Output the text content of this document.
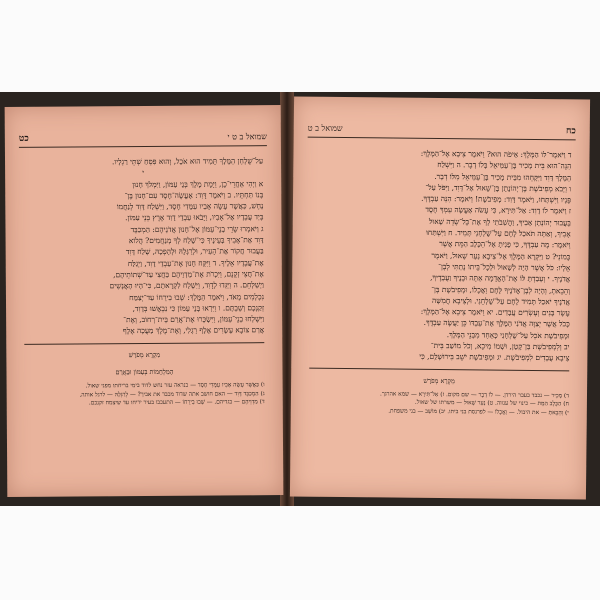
שמואל ב ט י
כט

עַל־שֻׁלְחַן הַמֶּלֶךְ תָּמִיד הוּא אֹכֵל, וְהוּא פִּסֵּחַ שְׁתֵּי רַגְלָיו.

י

א וַיְהִי אַחֲרֵי־כֵן, וַיָּמָת מֶלֶךְ בְּנֵי עַמּוֹן, וַיִּמְלֹךְ חָנוּן

בְּנוֹ תַּחְתָּיו. ב וַיֹּאמֶר דָּוִד: אֶעֱשֶׂה־חֶסֶד עִם־חָנוּן בֶּן־

נָחָשׁ, כַּאֲשֶׁר עָשָׂה אָבִיו עִמָּדִי חֶסֶד, וַיִּשְׁלַח דָּוִד לְנַחֲמוֹ

בְּיַד עֲבָדָיו אֶל־אָבִיו, וַיָּבֹאוּ עַבְדֵי דָוִד אֶרֶץ בְּנֵי עַמּוֹן.

ג וַיֹּאמְרוּ שָׂרֵי בְנֵי־עַמּוֹן אֶל־חָנוּן אֲדֹנֵיהֶם: הַמְכַבֵּד

דָּוִד אֶת־אָבִיךָ בְּעֵינֶיךָ כִּי־שָׁלַח לְךָ מְנַחֲמִים? הֲלוֹא

בַּעֲבוּר חֲקוֹר אֶת־הָעִיר, וּלְרַגְּלָהּ וּלְהָפְכָהּ, שָׁלַח דָּוִד

אֶת־עֲבָדָיו אֵלֶיךָ. ד וַיִּקַּח חָנוּן אֶת־עַבְדֵי דָוִד, וַיְגַלַּח

אֶת־חֲצִי זְקָנָם, וַיִּכְרֹת אֶת־מַדְוֵיהֶם בַּחֲצִי עַד־שְׁתוֹתֵיהֶם,

וַיְשַׁלְּחֵם. ה וַיַּגִּדוּ לְדָוִד, וַיִּשְׁלַח לִקְרָאתָם, כִּי־הָיוּ הָאֲנָשִׁים

נִכְלָמִים מְאֹד, וַיֹּאמֶר הַמֶּלֶךְ: שְׁבוּ בִירֵחוֹ עַד־יְצַמַּח

זְקַנְכֶם וְשַׁבְתֶּם. ו וַיִּרְאוּ בְּנֵי עַמּוֹן כִּי נִבְאֲשׁוּ בְּדָוִד,

וַיִּשְׁלְחוּ בְנֵי־עַמּוֹן, וַיִּשְׂכְּרוּ אֶת־אֲרַם בֵּית־רְחוֹב, וְאֶת־

אֲרַם צוֹבָא עֶשְׂרִים אֶלֶף רַגְלִי, וְאֶת־מֶלֶךְ מַעֲכָה אֶלֶף

מִקְרָא מְפֹרָשׁ

הַמִּלְחָמוֹת בְּעַמּוֹן וּבַאֲרָם

ו) כַּאֲשֶׁר עָשָׂה אָבִיו עִמָּדִי חֶסֶד — כנראה עזר נחש לדוד בימי בריחתו מפני שאול.

ג) הַמְכַבֵּד דָּוִד — האם חושב אתה שדוד מכבד את אביך? — לְרַגְּלָהּ — לרגל אותה.

ד) מַדְוֵיהֶם — בגדיהם. — שְׁבוּ בִירֵחוֹ — התעכבו בעיר יריחו עד שיצמח זקנכם.

כח
שמואל ב ט

ד וַיֹּאמֶר־לוֹ הַמֶּלֶךְ: אֵיפֹה הוּא? וַיֹּאמֶר צִיבָא אֶל־הַמֶּלֶךְ:

הִנֵּה־הוּא בֵּית מָכִיר בֶּן־עַמִּיאֵל בְּלוֹ דְבָר. ה וַיִּשְׁלַח

הַמֶּלֶךְ דָּוִד וַיִּקָּחֵהוּ מִבֵּית מָכִיר בֶּן־עַמִּיאֵל מִלּוֹ דְבָר.

ו וַיָּבֹא מְפִיבֹשֶׁת בֶּן־יְהוֹנָתָן בֶּן־שָׁאוּל אֶל־דָּוִד, וַיִּפֹּל עַל־

פָּנָיו וַיִּשְׁתָּחוּ, וַיֹּאמֶר דָּוִד: מְפִיבֹשֶׁת! וַיֹּאמֶר: הִנֵּה עַבְדֶּךָ.

ז וַיֹּאמֶר לוֹ דָוִד: אַל־תִּירָא, כִּי עָשֹׂה אֶעֱשֶׂה עִמְּךָ חֶסֶד

בַּעֲבוּר יְהוֹנָתָן אָבִיךָ, וַהֲשִׁבֹתִי לְךָ אֶת־כָּל־שְׂדֵה שָׁאוּל

אָבִיךָ, וְאַתָּה תֹּאכַל לֶחֶם עַל־שֻׁלְחָנִי תָּמִיד. ח וַיִּשְׁתַּחוּ

וַיֹּאמֶר: מֶה עַבְדֶּךָ, כִּי פָנִיתָ אֶל־הַכֶּלֶב הַמֵּת אֲשֶׁר

כָּמוֹנִי? ט וַיִּקְרָא הַמֶּלֶךְ אֶל־צִיבָא נַעַר שָׁאוּל, וַיֹּאמֶר

אֵלָיו: כֹּל אֲשֶׁר הָיָה לְשָׁאוּל וּלְכָל־בֵּיתוֹ נָתַתִּי לְבֶן־

אֲדֹנֶיךָ. י וְעָבַדְתָּ לּוֹ אֶת־הָאֲדָמָה אַתָּה וּבָנֶיךָ וַעֲבָדֶיךָ,

וְהֵבֵאתָ, וְהָיָה לְבֶן־אֲדֹנֶיךָ לֶּחֶם וַאֲכָלוֹ, וּמְפִיבֹשֶׁת בֶּן־

אֲדֹנֶיךָ יֹאכַל תָּמִיד לֶחֶם עַל־שֻׁלְחָנִי. וּלְצִיבָא חֲמִשָּׁה

עָשָׂר בָּנִים וְעֶשְׂרִים עֲבָדִים. יא וַיֹּאמֶר צִיבָא אֶל־הַמֶּלֶךְ:

כְּכֹל אֲשֶׁר יְצַוֶּה אֲדֹנִי הַמֶּלֶךְ אֶת־עַבְדּוֹ כֵּן יַעֲשֶׂה עַבְדֶּךָ.

וּמְפִיבֹשֶׁת אֹכֵל עַל־שֻׁלְחָנִי כְּאַחַד מִבְּנֵי הַמֶּלֶךְ.

יב וְלִמְפִיבֹשֶׁת בֵּן־קָטָן, וּשְׁמוֹ מִיכָא, וְכֹל מוֹשַׁב בֵּית־

צִיבָא עֲבָדִים לִמְפִיבֹשֶׁת. יג וּמְפִיבֹשֶׁת יֹשֵׁב בִּירוּשָׁלַ͏ִם, כִּי

מִקְרָא מְפֹרָשׁ

ד) מָכִיר — נכבד בעבר הירדן. — לוֹ דְבָר — שם מקום. ז) אַל־תִּירָא — שמא אהרגך.

ח) הַכֶּלֶב הַמֵּת — כינוי של ענווה. ט) נַעַר שָׁאוּל — משרתו של שאול.

י) וְהֵבֵאתָ — את היבול. — וַאֲכָלוֹ — לפרנסת בני ביתו. יב) מוֹשַׁב — בני משפחת.
